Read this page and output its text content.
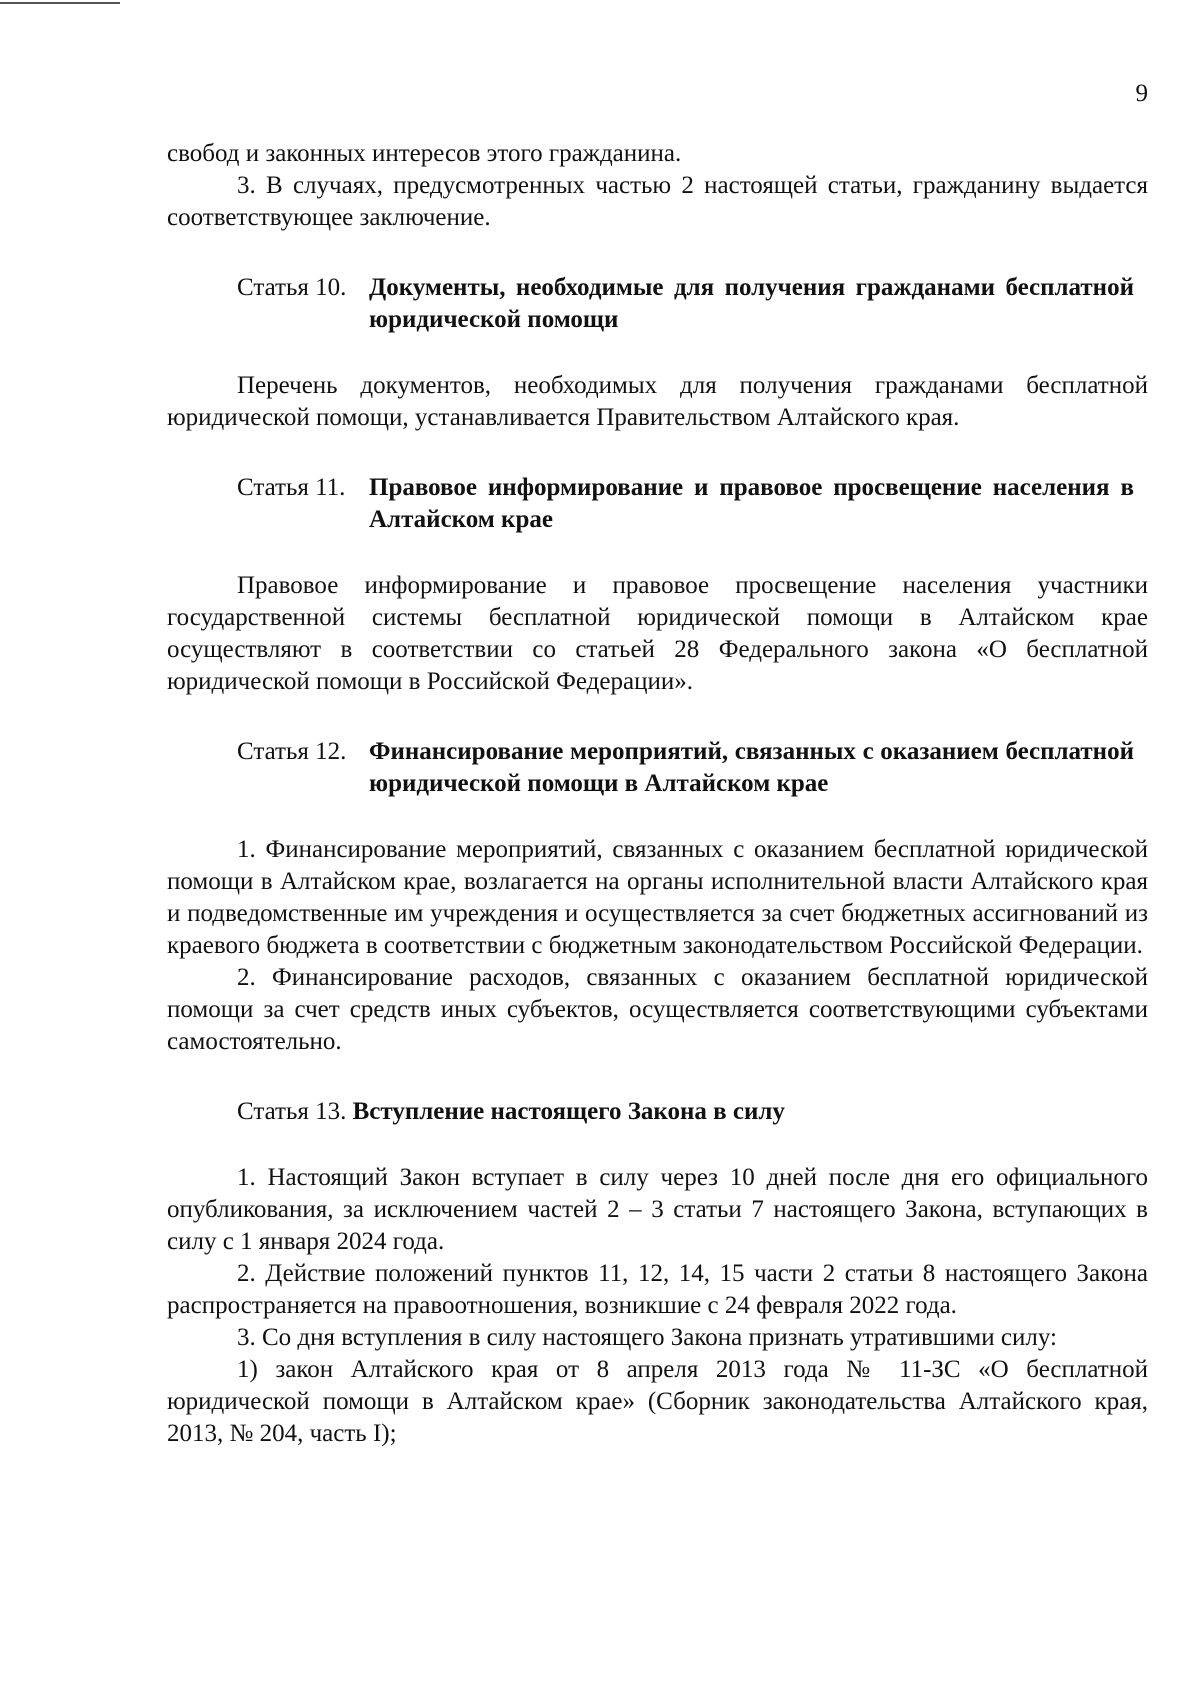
9

свобод и законных интересов этого гражданина.

3. В случаях, предусмотренных частью 2 настоящей статьи, гражданину выдается соответствующее заключение.

Статья 10. Документы, необходимые для получения гражданами бесплатной юридической помощи

Перечень документов, необходимых для получения гражданами бесплатной юридической помощи, устанавливается Правительством Алтайского края.

Статья 11. Правовое информирование и правовое просвещение населения в Алтайском крае

Правовое информирование и правовое просвещение населения участники государственной системы бесплатной юридической помощи в Алтайском крае осуществляют в соответствии со статьей 28 Федерального закона «О бесплатной юридической помощи в Российской Федерации».

Статья 12. Финансирование мероприятий, связанных с оказанием бесплатной юридической помощи в Алтайском крае

1. Финансирование мероприятий, связанных с оказанием бесплатной юридической помощи в Алтайском крае, возлагается на органы исполнительной власти Алтайского края и подведомственные им учреждения и осуществляется за счет бюджетных ассигнований из краевого бюджета в соответствии с бюджетным законодательством Российской Федерации.

2. Финансирование расходов, связанных с оказанием бесплатной юридической помощи за счет средств иных субъектов, осуществляется соответствующими субъектами самостоятельно.

Статья 13. Вступление настоящего Закона в силу

1. Настоящий Закон вступает в силу через 10 дней после дня его официального опубликования, за исключением частей 2 – 3 статьи 7 настоящего Закона, вступающих в силу с 1 января 2024 года.

2. Действие положений пунктов 11, 12, 14, 15 части 2 статьи 8 настоящего Закона распространяется на правоотношения, возникшие с 24 февраля 2022 года.

3. Со дня вступления в силу настоящего Закона признать утратившими силу:

1) закон Алтайского края от 8 апреля 2013 года № 11-ЗС «О бесплатной юридической помощи в Алтайском крае» (Сборник законодательства Алтайского края, 2013, № 204, часть I);
